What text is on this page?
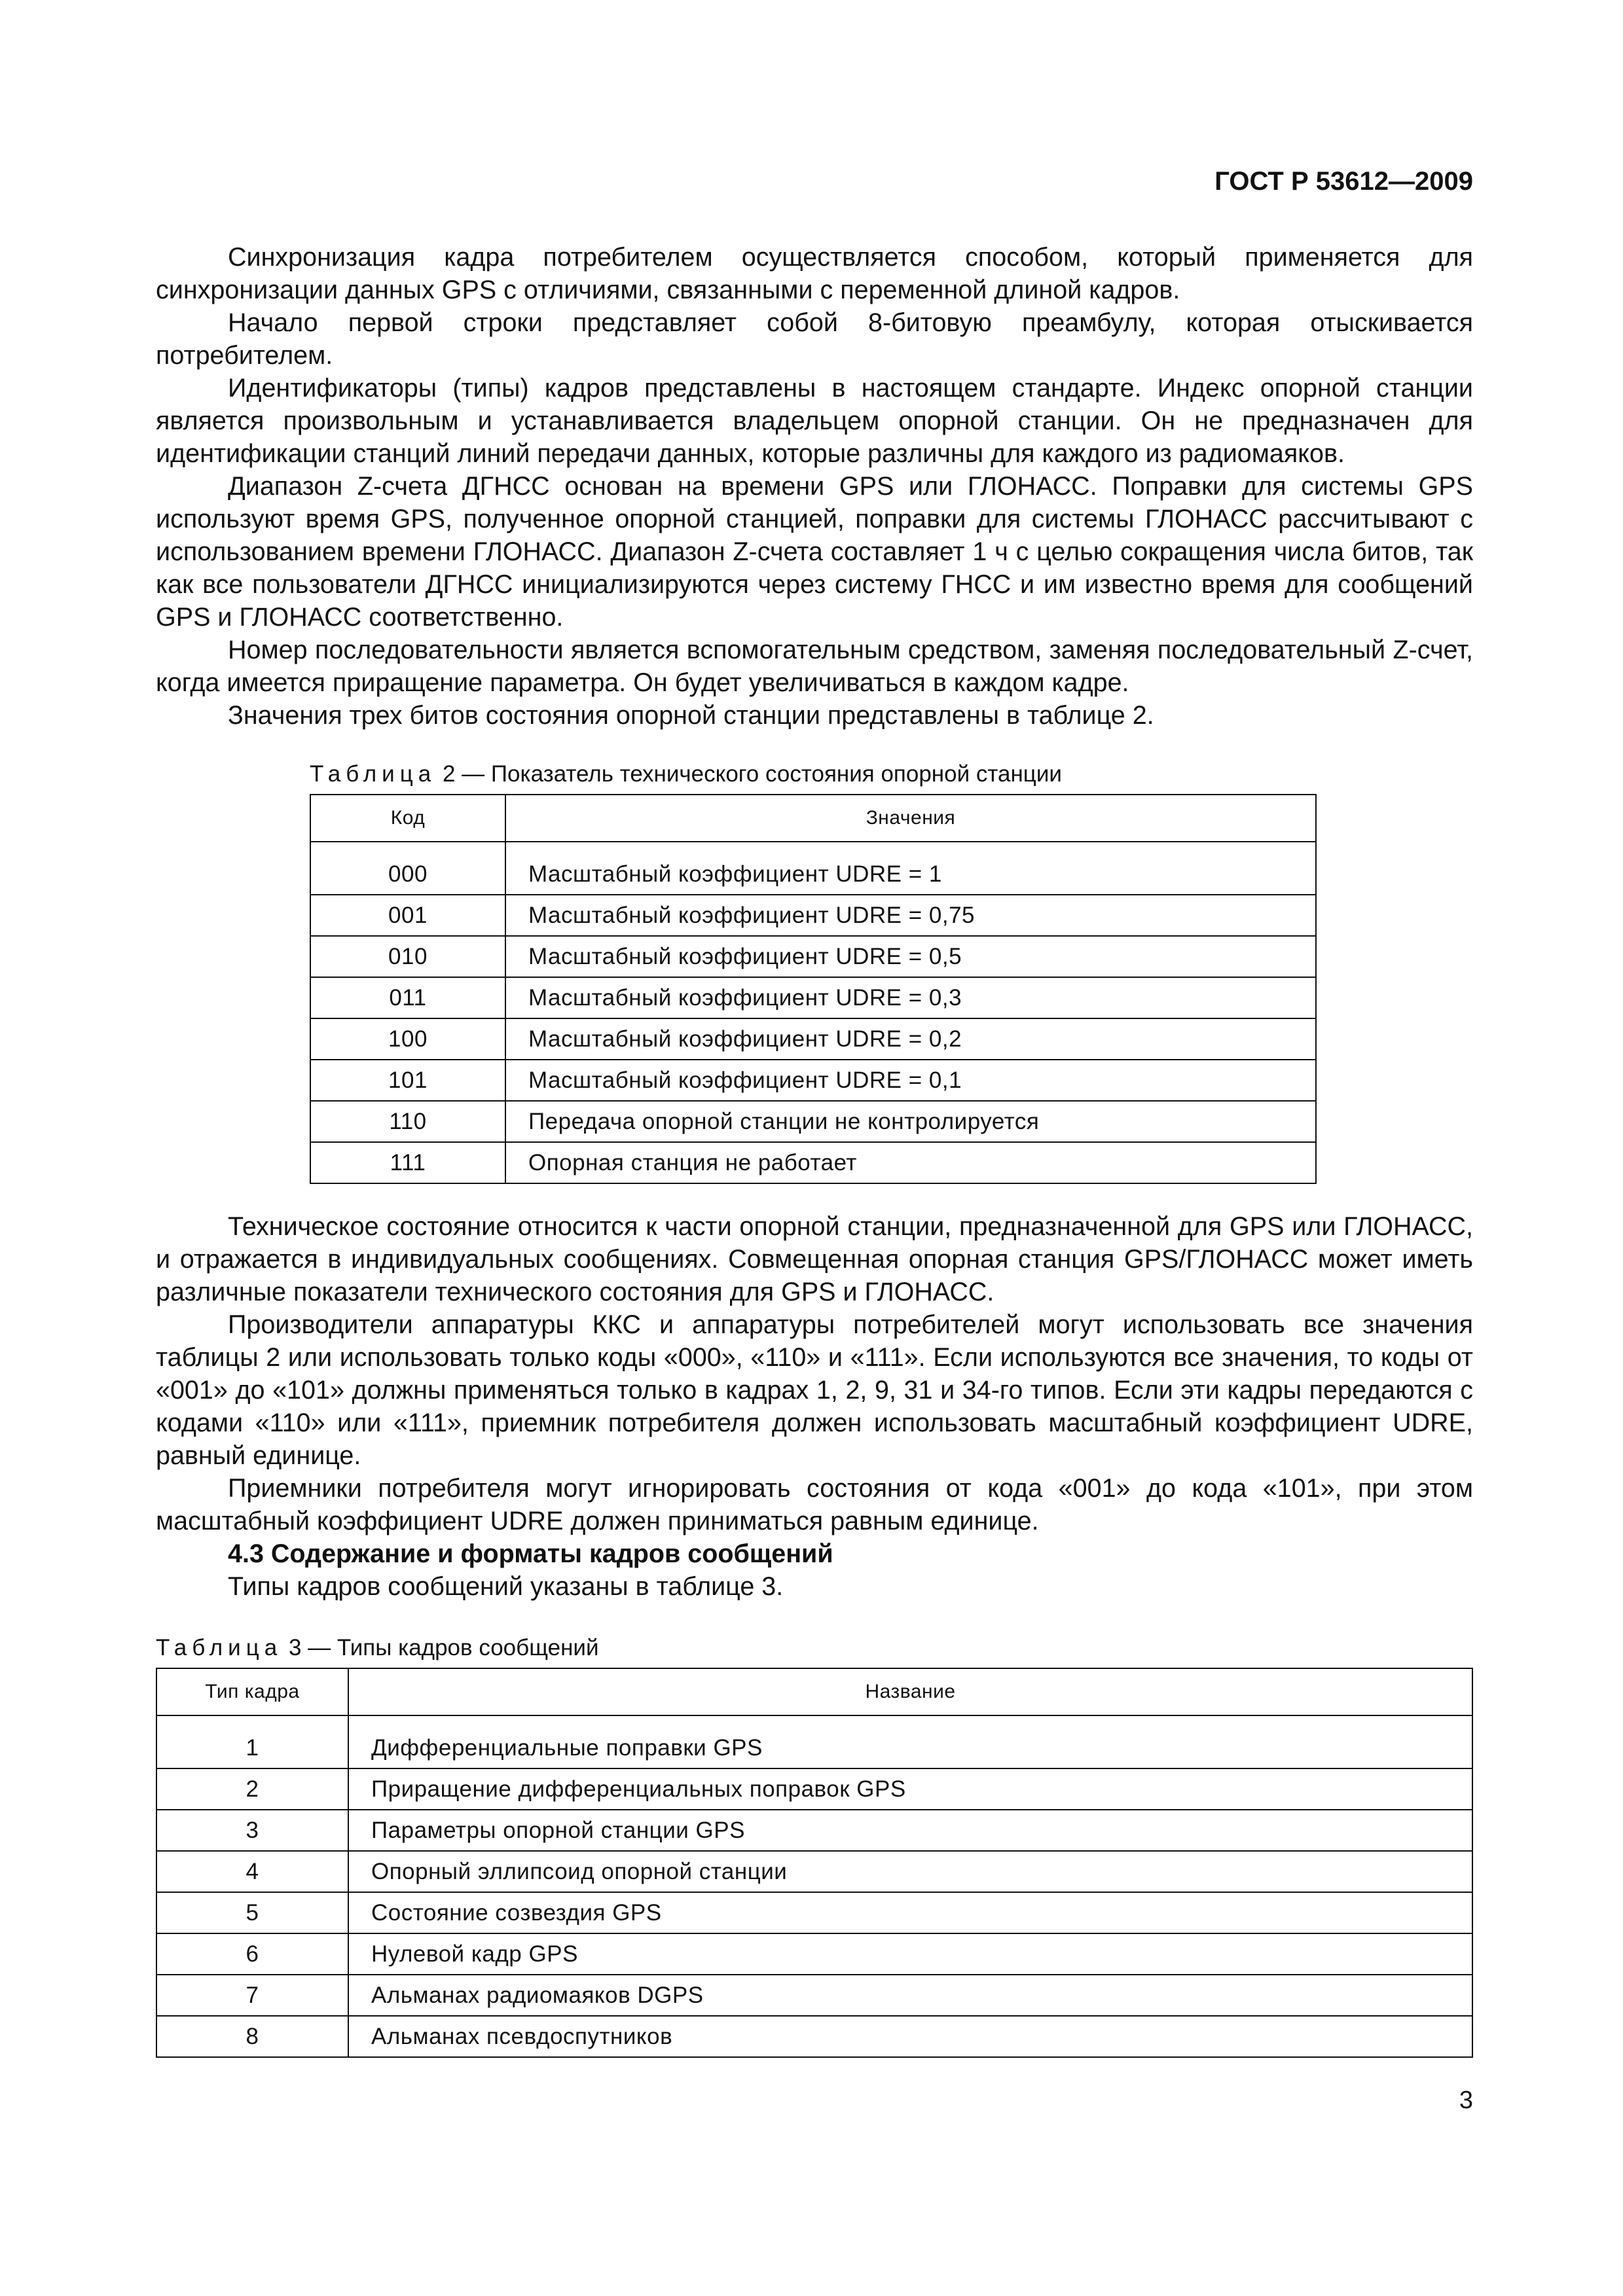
ГОСТ Р 53612—2009

Синхронизация кадра потребителем осуществляется способом, который применяется для синхронизации данных GPS с отличиями, связанными с переменной длиной кадров.

Начало первой строки представляет собой 8-битовую преамбулу, которая отыскивается потребителем.

Идентификаторы (типы) кадров представлены в настоящем стандарте. Индекс опорной станции является произвольным и устанавливается владельцем опорной станции. Он не предназначен для идентификации станций линий передачи данных, которые различны для каждого из радиомаяков.

Диапазон Z-счета ДГНСС основан на времени GPS или ГЛОНАСС. Поправки для системы GPS используют время GPS, полученное опорной станцией, поправки для системы ГЛОНАСС рассчитывают с использованием времени ГЛОНАСС. Диапазон Z-счета составляет 1 ч с целью сокращения числа битов, так как все пользователи ДГНСС инициализируются через систему ГНСС и им известно время для сообщений GPS и ГЛОНАСС соответственно.

Номер последовательности является вспомогательным средством, заменяя последовательный Z-счет, когда имеется приращение параметра. Он будет увеличиваться в каждом кадре.

Значения трех битов состояния опорной станции представлены в таблице 2.

Таблица 2 — Показатель технического состояния опорной станции
Код	Значения

000	Масштабный коэффициент UDRE = 1
001	Масштабный коэффициент UDRE = 0,75
010	Масштабный коэффициент UDRE = 0,5
011	Масштабный коэффициент UDRE = 0,3
100	Масштабный коэффициент UDRE = 0,2
101	Масштабный коэффициент UDRE = 0,1
110	Передача опорной станции не контролируется
111	Опорная станция не работает

Техническое состояние относится к части опорной станции, предназначенной для GPS или ГЛОНАСС, и отражается в индивидуальных сообщениях. Совмещенная опорная станция GPS/ГЛОНАСС может иметь различные показатели технического состояния для GPS и ГЛОНАСС.

Производители аппаратуры ККС и аппаратуры потребителей могут использовать все значения таблицы 2 или использовать только коды «000», «110» и «111». Если используются все значения, то коды от «001» до «101» должны применяться только в кадрах 1, 2, 9, 31 и 34-го типов. Если эти кадры передаются с кодами «110» или «111», приемник потребителя должен использовать масштабный коэффициент UDRE, равный единице.

Приемники потребителя могут игнорировать состояния от кода «001» до кода «101», при этом масштабный коэффициент UDRE должен приниматься равным единице.

4.3 Содержание и форматы кадров сообщений

Типы кадров сообщений указаны в таблице 3.

Таблица 3 — Типы кадров сообщений
Тип кадра	Название

1	Дифференциальные поправки GPS
2	Приращение дифференциальных поправок GPS
3	Параметры опорной станции GPS
4	Опорный эллипсоид опорной станции
5	Состояние созвездия GPS
6	Нулевой кадр GPS
7	Альманах радиомаяков DGPS
8	Альманах псевдоспутников
3
